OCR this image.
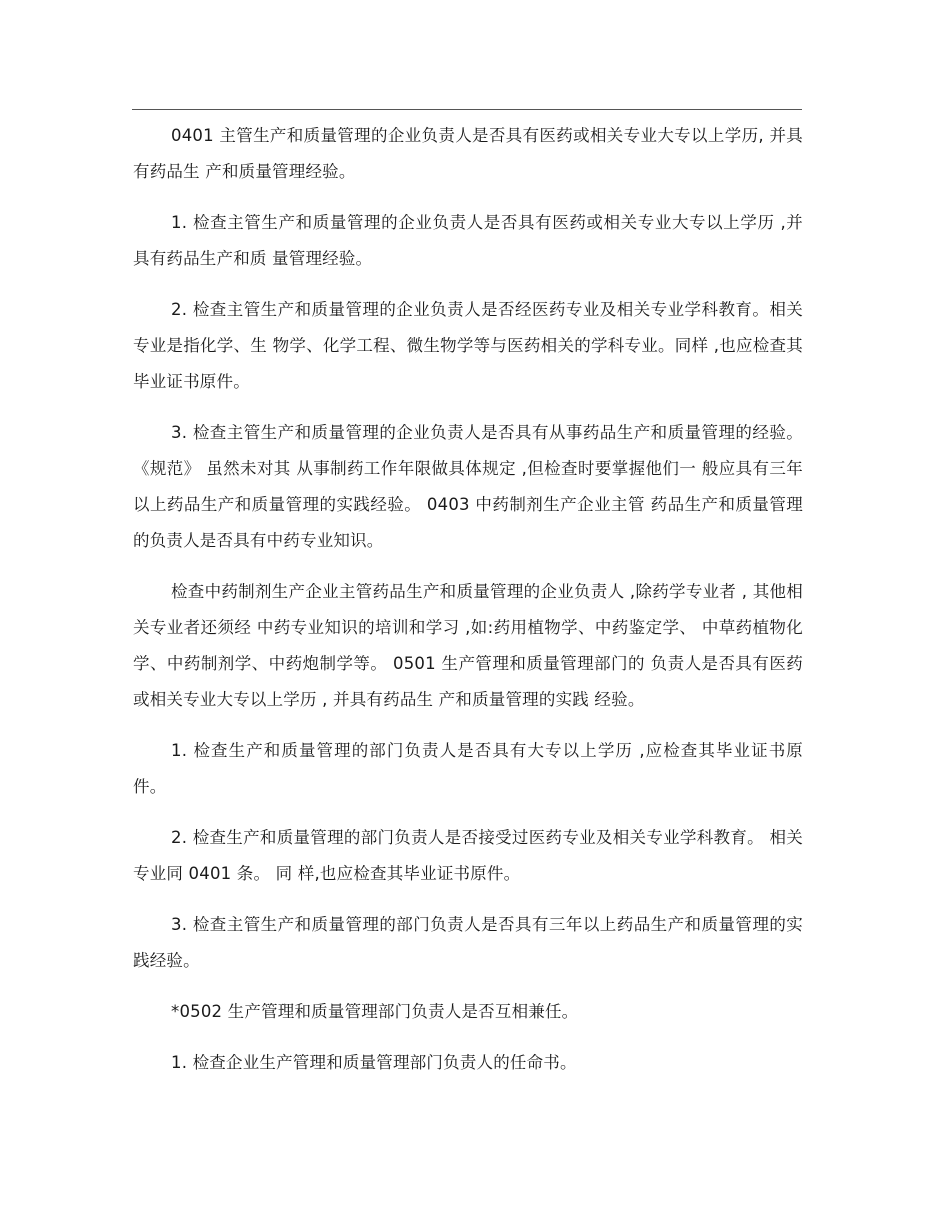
0401 主管生产和质量管理的企业负责人是否具有医药或相关专业大专以上学历, 并具有药品生 产和质量管理经验。

1. 检查主管生产和质量管理的企业负责人是否具有医药或相关专业大专以上学历 ,并具有药品生产和质 量管理经验。

2. 检查主管生产和质量管理的企业负责人是否经医药专业及相关专业学科教育。相关专业是指化学、生 物学、化学工程、微生物学等与医药相关的学科专业。同样 ,也应检查其毕业证书原件。

3. 检查主管生产和质量管理的企业负责人是否具有从事药品生产和质量管理的经验。 《规范》 虽然未对其 从事制药工作年限做具体规定 ,但检查时要掌握他们一 般应具有三年以上药品生产和质量管理的实践经验。 0403 中药制剂生产企业主管 药品生产和质量管理的负责人是否具有中药专业知识。

检查中药制剂生产企业主管药品生产和质量管理的企业负责人 ,除药学专业者 , 其他相关专业者还须经 中药专业知识的培训和学习 ,如:药用植物学、中药鉴定学、 中草药植物化学、中药制剂学、中药炮制学等。 0501 生产管理和质量管理部门的 负责人是否具有医药或相关专业大专以上学历 , 并具有药品生 产和质量管理的实践 经验。

1. 检查生产和质量管理的部门负责人是否具有大专以上学历 ,应检查其毕业证书原件。

2. 检查生产和质量管理的部门负责人是否接受过医药专业及相关专业学科教育。 相关专业同 0401 条。 同 样,也应检查其毕业证书原件。

3. 检查主管生产和质量管理的部门负责人是否具有三年以上药品生产和质量管理的实践经验。

*0502 生产管理和质量管理部门负责人是否互相兼任。

1. 检查企业生产管理和质量管理部门负责人的任命书。
